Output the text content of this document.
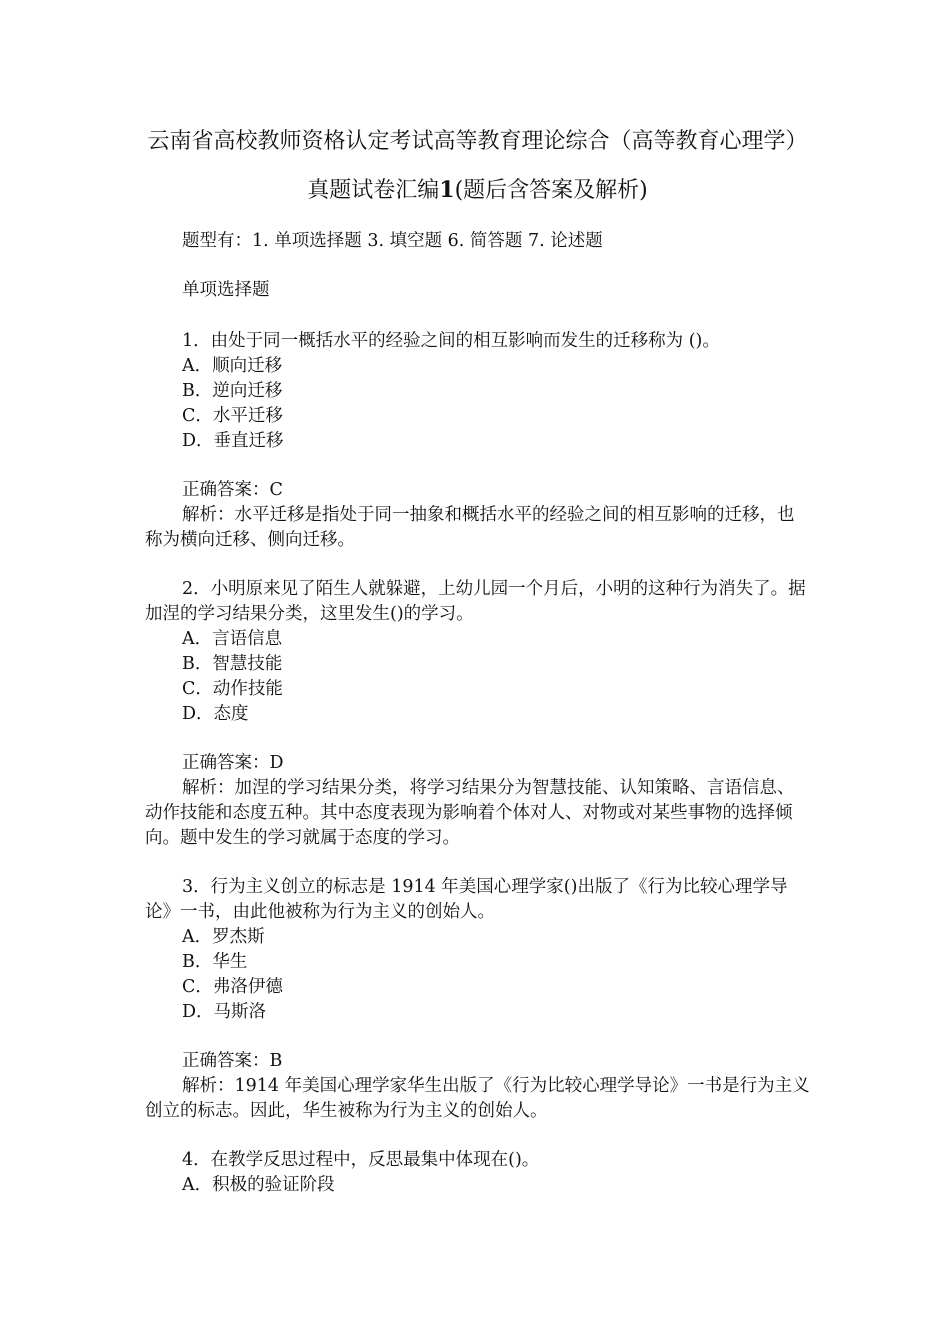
云南省高校教师资格认定考试高等教育理论综合（高等教育心理学）
真题试卷汇编1(题后含答案及解析)

题型有：1. 单项选择题 3. 填空题 6. 简答题 7. 论述题

单项选择题

1．由处于同一概括水平的经验之间的相互影响而发生的迁移称为 ()。

A．顺向迁移

B．逆向迁移

C．水平迁移

D．垂直迁移

正确答案：C

解析：水平迁移是指处于同一抽象和概括水平的经验之间的相互影响的迁移，也称为横向迁移、侧向迁移。

2．小明原来见了陌生人就躲避，上幼儿园一个月后，小明的这种行为消失了。据加涅的学习结果分类，这里发生()的学习。

A．言语信息

B．智慧技能

C．动作技能

D．态度

正确答案：D

解析：加涅的学习结果分类，将学习结果分为智慧技能、认知策略、言语信息、动作技能和态度五种。其中态度表现为影响着个体对人、对物或对某些事物的选择倾向。题中发生的学习就属于态度的学习。

3．行为主义创立的标志是 1914 年美国心理学家()出版了《行为比较心理学导论》一书，由此他被称为行为主义的创始人。

A．罗杰斯

B．华生

C．弗洛伊德

D．马斯洛

正确答案：B

解析：1914 年美国心理学家华生出版了《行为比较心理学导论》一书是行为主义创立的标志。因此，华生被称为行为主义的创始人。

4．在教学反思过程中，反思最集中体现在()。

A．积极的验证阶段
